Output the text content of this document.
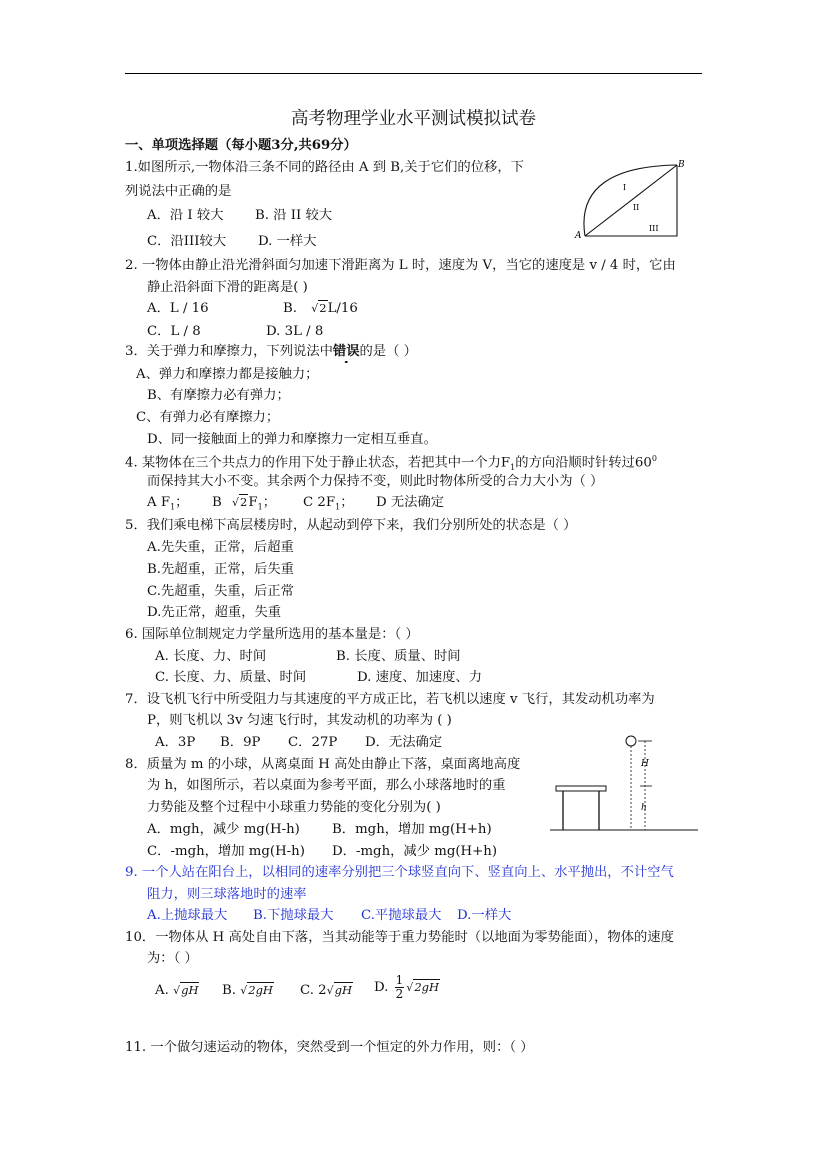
高考物理学业水平测试模拟试卷
一、单项选择题（每小题3分,共69分）
1.如图所示,一物体沿三条不同的路径由 A 到 B,关于它们的位移，下
列说法中正确的是
A．沿 I 较大 B. 沿 II 较大
C．沿III较大 D. 一样大	A
B
I
II
III
2. 一物体由静止沿光滑斜面匀加速下滑距离为 L 时，速度为 V，当它的速度是 v / 4 时，它由
静止沿斜面下滑的距离是( )
A．L / 16	B. √2L/16
C．L / 8	D. 3L / 8
3．关于弹力和摩擦力，下列说法中错误的是（ ）
A、弹力和摩擦力都是接触力；
B、有摩擦力必有弹力；
C、有弹力必有摩擦力；
D、同一接触面上的弹力和摩擦力一定相互垂直。
4. 某物体在三个共点力的作用下处于静止状态，若把其中一个力$F_1$的方向沿顺时针转过$60^0$
而保持其大小不变。其余两个力保持不变，则此时物体所受的合力大小为（ ）
A $F_1$； B $√2F_1$； C $2F_1$； D 无法确定
5．我们乘电梯下高层楼房时，从起动到停下来，我们分别所处的状态是（ ）
A.先失重，正常，后超重
B.先超重，正常，后失重
C.先超重，失重，后正常
D.先正常，超重，失重
6. 国际单位制规定力学量所选用的基本量是：（ ）
A. 长度、力、时间	B. 长度、质量、时间
C. 长度、力、质量、时间	D. 速度、加速度、力
7．设飞机飞行中所受阻力与其速度的平方成正比，若飞机以速度 v 飞行，其发动机功率为
P，则飞机以 3v 匀速飞行时，其发动机的功率为 ( )
A．3P B．9P C．27P D．无法确定
8．质量为 m 的小球，从离桌面 H 高处由静止下落，桌面离地高度
为 h，如图所示，若以桌面为参考平面，那么小球落地时的重
力势能及整个过程中小球重力势能的变化分别为( )
A．mgh，减少 mg(H-h) B．mgh，增加 mg(H+h)
C．-mgh，增加 mg(H-h) D．-mgh，减少 mg(H+h)
H
h
9. 一个人站在阳台上，以相同的速率分别把三个球竖直向下、竖直向上、水平抛出，不计空气
阻力，则三球落地时的速率
A.上抛球最大 B.下抛球最大 C.平抛球最大 D.一样大
10．一物体从 H 高处自由下落，当其动能等于重力势能时（以地面为零势能面），物体的速度
为：（ ）
A. √gH B. √2gH C. 2√gH D. $\frac{1}{2} √2gH$
11. 一个做匀速运动的物体，突然受到一个恒定的外力作用，则：（ ）
